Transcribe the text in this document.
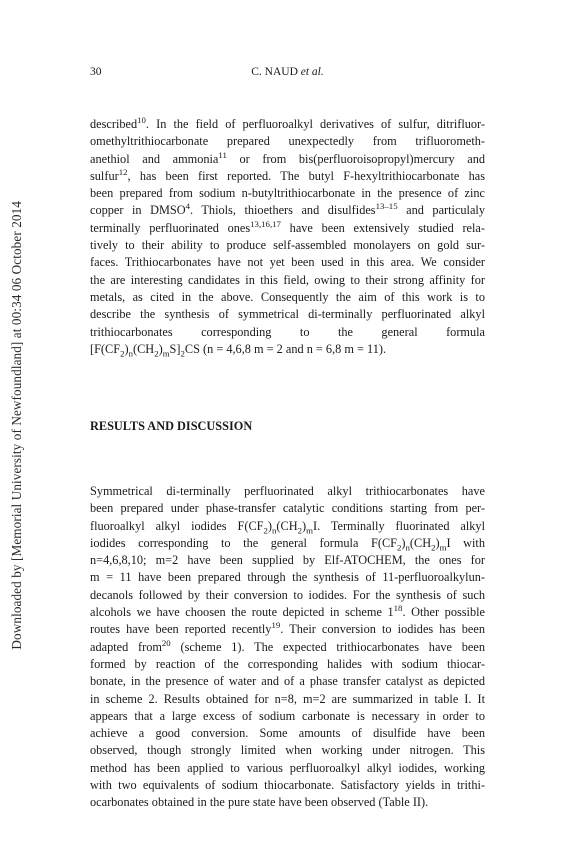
Downloaded by [Memorial University of Newfoundland] at 00:34 06 October 2014
30	C. NAUD et al.
described$^{10}$. In the field of perfluoroalkyl derivatives of sulfur, ditrifluor-
omethyltrithiocarbonate prepared unexpectedly from trifluorometh-
anethiol and ammonia$^{11}$ or from bis(perfluoroisopropyl)mercury and
sulfur$^{12}$, has been first reported. The butyl F-hexyltrithiocarbonate has
been prepared from sodium n-butyltrithiocarbonate in the presence of zinc
copper in DMSO$^4$. Thiols, thioethers and disulfides$^{13-15}$ and particulaly
terminally perfluorinated ones$^{13,16,17}$ have been extensively studied rela-
tively to their ability to produce self-assembled monolayers on gold sur-
faces. Trithiocarbonates have not yet been used in this area. We consider
the are interesting candidates in this field, owing to their strong affinity for
metals, as cited in the above. Consequently the aim of this work is to
describe the synthesis of symmetrical di-terminally perfluorinated alkyl
trithiocarbonates corresponding to the general formula
$[F(CF_2)_n(CH_2)_mS]_2CS$ (n = 4,6,8 m = 2 and n = 6,8 m = 11).
RESULTS AND DISCUSSION
Symmetrical di-terminally perfluorinated alkyl trithiocarbonates have
been prepared under phase-transfer catalytic conditions starting from per-
fluoroalkyl alkyl iodides $F(CF_2)_n(CH_2)_mI$. Terminally fluorinated alkyl
iodides corresponding to the general formula $F(CF_2)_n(CH_2)_mI$ with
n=4,6,8,10; m=2 have been supplied by Elf-ATOCHEM, the ones for
m = 11 have been prepared through the synthesis of 11-perfluoroalkylun-
decanols followed by their conversion to iodides. For the synthesis of such
alcohols we have choosen the route depicted in scheme $1^{18}$. Other possible
routes have been reported recently$^{19}$. Their conversion to iodides has been
adapted from$^{20}$ (scheme 1). The expected trithiocarbonates have been
formed by reaction of the corresponding halides with sodium thiocar-
bonate, in the presence of water and of a phase transfer catalyst as depicted
in scheme 2. Results obtained for n=8, m=2 are summarized in table I. It
appears that a large excess of sodium carbonate is necessary in order to
achieve a good conversion. Some amounts of disulfide have been
observed, though strongly limited when working under nitrogen. This
method has been applied to various perfluoroalkyl alkyl iodides, working
with two equivalents of sodium thiocarbonate. Satisfactory yields in trithi-
ocarbonates obtained in the pure state have been observed (Table II).
